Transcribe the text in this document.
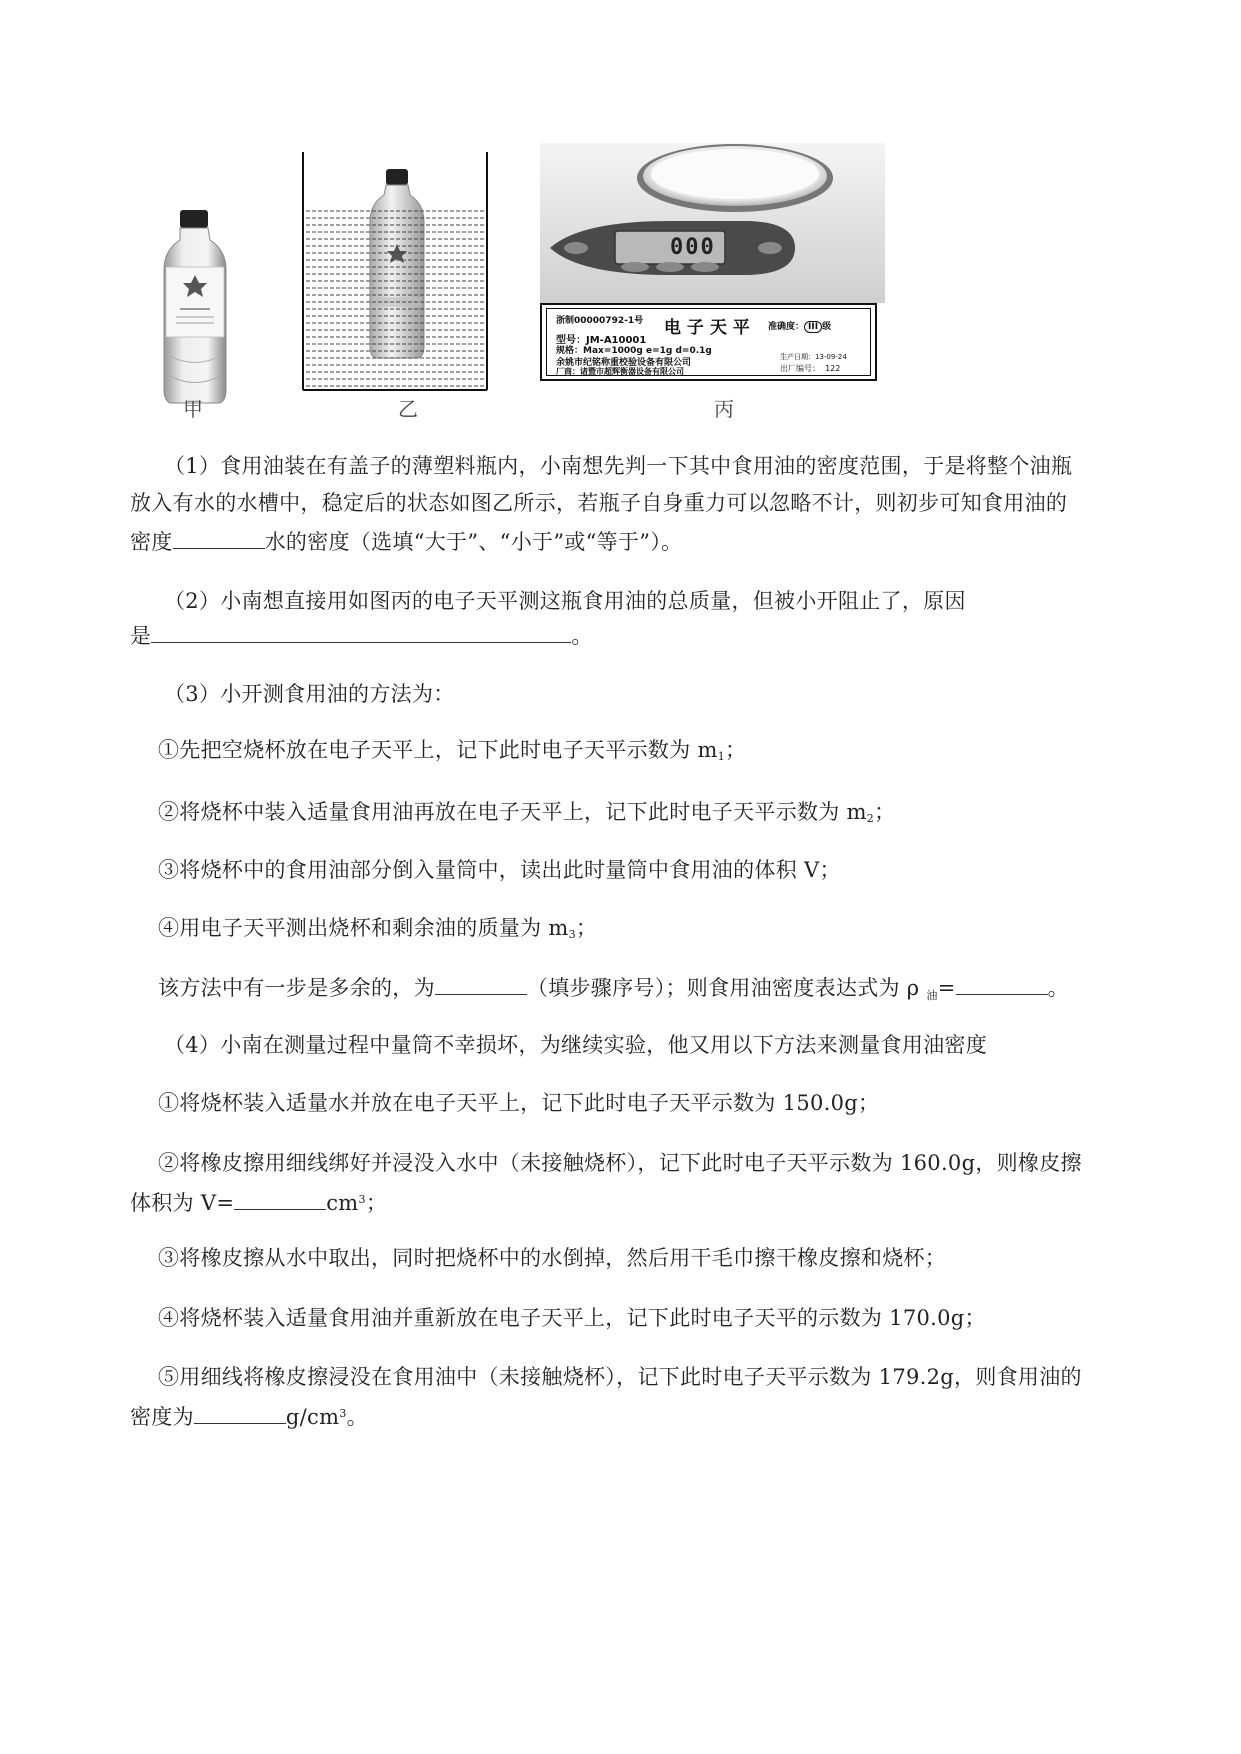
甲	乙
000
浙制00000792-1号 电 子 天 平 准确度： III 级
型号：JM-A10001
规格：Max=1000g e=1g d=0.1g
余姚市纪铭称重校验设备有限公司
厂商：诸暨市超辉衡器设备有限公司
生产日期：13-09-24
出厂编号： 122
丙
（1）食用油装在有盖子的薄塑料瓶内，小南想先判一下其中食用油的密度范围，于是将整个油瓶
放入有水的水槽中，稳定后的状态如图乙所示，若瓶子自身重力可以忽略不计，则初步可知食用油的
密度	水的密度（选填“大于”、“小于”或“等于”）。
（2）小南想直接用如图丙的电子天平测这瓶食用油的总质量，但被小开阻止了，原因
是	。
（3）小开测食用油的方法为：
①先把空烧杯放在电子天平上，记下此时电子天平示数为 $m_1$；
②将烧杯中装入适量食用油再放在电子天平上，记下此时电子天平示数为 $m_2$；
③将烧杯中的食用油部分倒入量筒中，读出此时量筒中食用油的体积 V；
④用电子天平测出烧杯和剩余油的质量为 $m_3$；
该方法中有一步是多余的，为	（填步骤序号）；则食用油密度表达式为 ρ 油=	。
（4）小南在测量过程中量筒不幸损坏，为继续实验，他又用以下方法来测量食用油密度
①将烧杯装入适量水并放在电子天平上，记下此时电子天平示数为 150.0g；
②将橡皮擦用细线绑好并浸没入水中（未接触烧杯），记下此时电子天平示数为 160.0g，则橡皮擦
体积为 V=	$cm^3$；
③将橡皮擦从水中取出，同时把烧杯中的水倒掉，然后用干毛巾擦干橡皮擦和烧杯；
④将烧杯装入适量食用油并重新放在电子天平上，记下此时电子天平的示数为 170.0g；
⑤用细线将橡皮擦浸没在食用油中（未接触烧杯），记下此时电子天平示数为 179.2g，则食用油的
密度为	$g/cm^3$。
